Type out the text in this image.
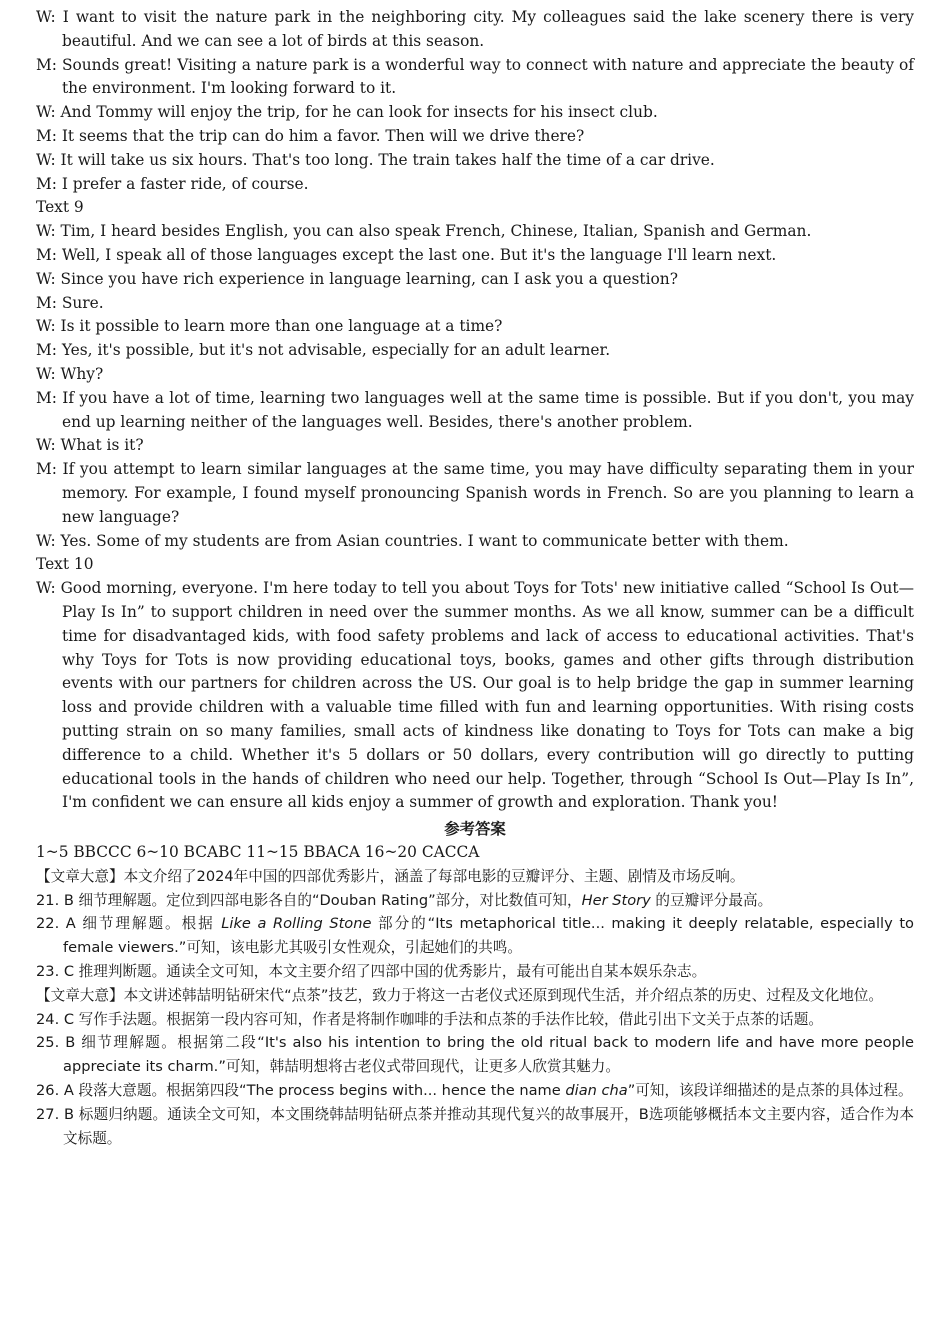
W: I want to visit the nature park in the neighboring city. My colleagues said the lake scenery there is very beautiful. And we can see a lot of birds at this season.
M: Sounds great! Visiting a nature park is a wonderful way to connect with nature and appreciate the beauty of the environment. I'm looking forward to it.
W: And Tommy will enjoy the trip, for he can look for insects for his insect club.
M: It seems that the trip can do him a favor. Then will we drive there?
W: It will take us six hours. That's too long. The train takes half the time of a car drive.
M: I prefer a faster ride, of course.
Text 9
W: Tim, I heard besides English, you can also speak French, Chinese, Italian, Spanish and German.
M: Well, I speak all of those languages except the last one. But it's the language I'll learn next.
W: Since you have rich experience in language learning, can I ask you a question?
M: Sure.
W: Is it possible to learn more than one language at a time?
M: Yes, it's possible, but it's not advisable, especially for an adult learner.
W: Why?
M: If you have a lot of time, learning two languages well at the same time is possible. But if you don't, you may end up learning neither of the languages well. Besides, there's another problem.
W: What is it?
M: If you attempt to learn similar languages at the same time, you may have difficulty separating them in your memory. For example, I found myself pronouncing Spanish words in French. So are you planning to learn a new language?
W: Yes. Some of my students are from Asian countries. I want to communicate better with them.
Text 10
W: Good morning, everyone. I'm here today to tell you about Toys for Tots' new initiative called “School Is Out—Play Is In” to support children in need over the summer months. As we all know, summer can be a difficult time for disadvantaged kids, with food safety problems and lack of access to educational activities. That's why Toys for Tots is now providing educational toys, books, games and other gifts through distribution events with our partners for children across the US. Our goal is to help bridge the gap in summer learning loss and provide children with a valuable time filled with fun and learning opportunities. With rising costs putting strain on so many families, small acts of kindness like donating to Toys for Tots can make a big difference to a child. Whether it's 5 dollars or 50 dollars, every contribution will go directly to putting educational tools in the hands of children who need our help. Together, through “School Is Out—Play Is In”, I'm confident we can ensure all kids enjoy a summer of growth and exploration. Thank you!
参考答案
1~5 BBCCC 6~10 BCABC 11~15 BBACA 16~20 CACCA
【文章大意】本文介绍了2024年中国的四部优秀影片，涵盖了每部电影的豆瓣评分、主题、剧情及市场反响。
21. B 细节理解题。定位到四部电影各自的“Douban Rating”部分，对比数值可知，Her Story 的豆瓣评分最高。
22. A 细节理解题。根据 Like a Rolling Stone 部分的“Its metaphorical title... making it deeply relatable, especially to female viewers.”可知，该电影尤其吸引女性观众，引起她们的共鸣。
23. C 推理判断题。通读全文可知，本文主要介绍了四部中国的优秀影片，最有可能出自某本娱乐杂志。
【文章大意】本文讲述韩喆明钻研宋代“点茶”技艺，致力于将这一古老仪式还原到现代生活，并介绍点茶的历史、过程及文化地位。
24. C 写作手法题。根据第一段内容可知，作者是将制作咖啡的手法和点茶的手法作比较，借此引出下文关于点茶的话题。
25. B 细节理解题。根据第二段“It's also his intention to bring the old ritual back to modern life and have more people appreciate its charm.”可知，韩喆明想将古老仪式带回现代，让更多人欣赏其魅力。
26. A 段落大意题。根据第四段“The process begins with... hence the name dian cha”可知，该段详细描述的是点茶的具体过程。
27. B 标题归纳题。通读全文可知，本文围绕韩喆明钻研点茶并推动其现代复兴的故事展开，B选项能够概括本文主要内容，适合作为本文标题。
